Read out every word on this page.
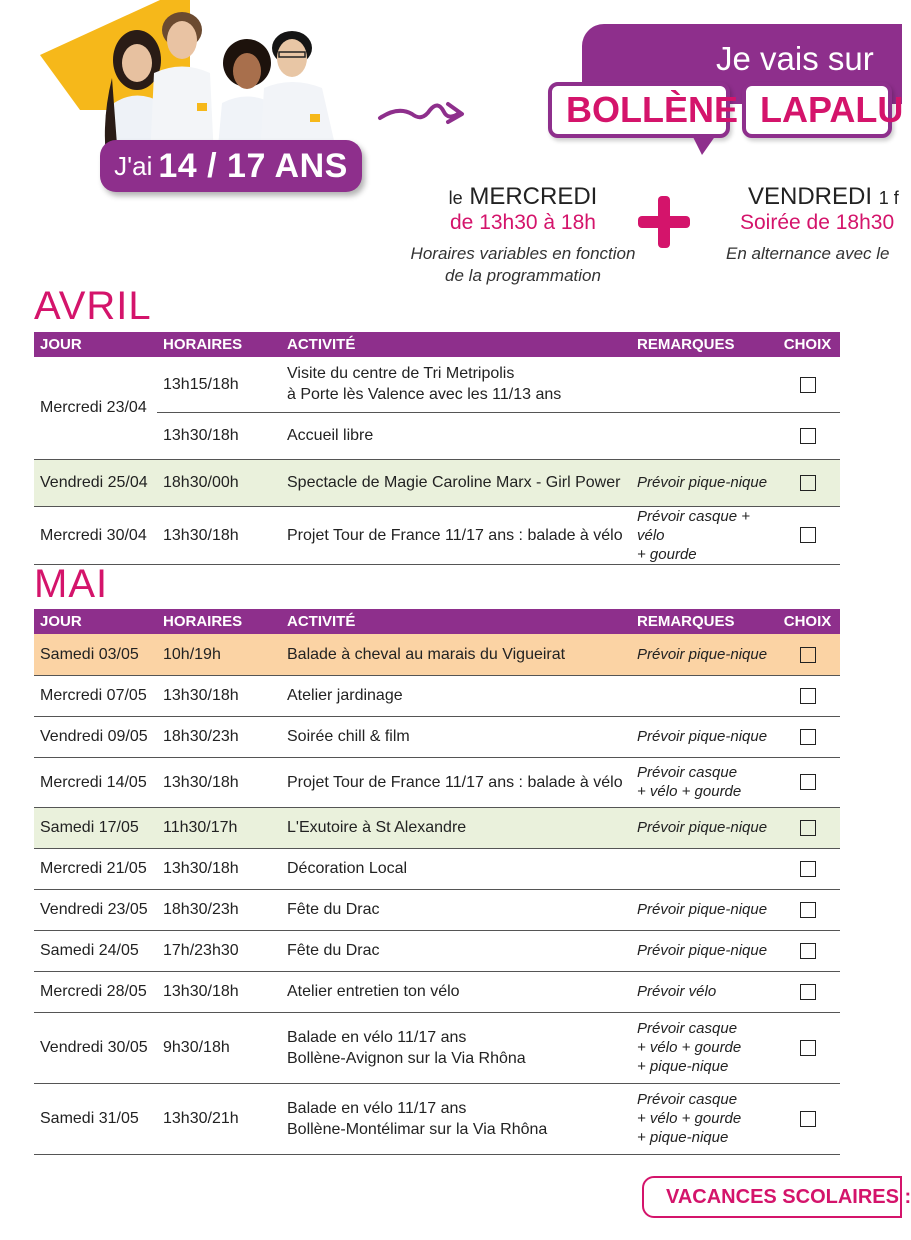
J'ai 14 / 17 ANS
Je vais sur
BOLLÈNE LAPALU
le MERCREDI
de 13h30 à 18h
Horaires variables en fonction
de la programmation
VENDREDI 1 f
Soirée de 18h30
En alternance avec le
AVRIL
JOUR	HORAIRES	ACTIVITÉ	REMARQUES	CHOIX
Mercredi 23/04	13h15/18h	Visite du centre de Tri Metripolis
à Porte lès Valence avec les 11/13 ans		
	13h30/18h	Accueil libre		
Vendredi 25/04	18h30/00h	Spectacle de Magie Caroline Marx - Girl Power	Prévoir pique-nique	
Mercredi 30/04	13h30/18h	Projet Tour de France 11/17 ans : balade à vélo	Prévoir casque + vélo
+ gourde	
MAI
JOUR	HORAIRES	ACTIVITÉ	REMARQUES	CHOIX
Samedi 03/05	10h/19h	Balade à cheval au marais du Vigueirat	Prévoir pique-nique	
Mercredi 07/05	13h30/18h	Atelier jardinage		
Vendredi 09/05	18h30/23h	Soirée chill & film	Prévoir pique-nique	
Mercredi 14/05	13h30/18h	Projet Tour de France 11/17 ans : balade à vélo	Prévoir casque
+ vélo + gourde	
Samedi 17/05	11h30/17h	L'Exutoire à St Alexandre	Prévoir pique-nique	
Mercredi 21/05	13h30/18h	Décoration Local		
Vendredi 23/05	18h30/23h	Fête du Drac	Prévoir pique-nique	
Samedi 24/05	17h/23h30	Fête du Drac	Prévoir pique-nique	
Mercredi 28/05	13h30/18h	Atelier entretien ton vélo	Prévoir vélo	
Vendredi 30/05	9h30/18h	Balade en vélo 11/17 ans
Bollène-Avignon sur la Via Rhôna	Prévoir casque
+ vélo + gourde
+ pique-nique	
Samedi 31/05	13h30/21h	Balade en vélo 11/17 ans
Bollène-Montélimar sur la Via Rhôna	Prévoir casque
+ vélo + gourde
+ pique-nique	
VACANCES SCOLAIRES :
